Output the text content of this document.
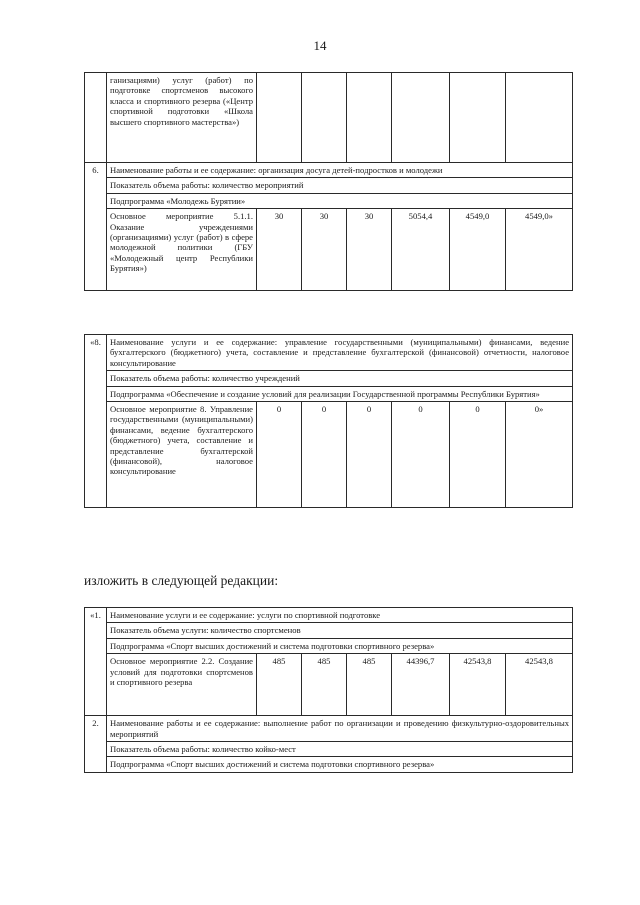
14
	ганизациями) услуг (работ) по подготовке спортсменов высокого класса и спортивного резерва («Центр спортивной подготовки «Школа высшего спортивного мастерства»)						
6.	Наименование работы и ее содержание: организация досуга детей-подростков и молодежи						
	Показатель объема работы: количество мероприятий						
	Подпрограмма «Молодежь Бурятии»						
	Основное мероприятие 5.1.1. Оказание учреждениями (организациями) услуг (работ) в сфере молодежной политики (ГБУ «Молодежный центр Республики Бурятия»)	30	30	30	5054,4	4549,0	4549,0»
«8.	Наименование услуги и ее содержание: управление государственными (муниципальными) финансами, ведение бухгалтерского (бюджетного) учета, составление и представление бухгалтерской (финансовой) отчетности, налоговое консультирование						
	Показатель объема работы: количество учреждений						
	Подпрограмма «Обеспечение и создание условий для реализации Государственной программы Республики Бурятия»						
	Основное мероприятие 8. Управление государственными (муниципальными) финансами, ведение бухгалтерского (бюджетного) учета, составление и представление бухгалтерской (финансовой), налоговое консультирование	0	0	0	0	0	0»
изложить в следующей редакции:
«1.	Наименование услуги и ее содержание: услуги по спортивной подготовке						
	Показатель объема услуги: количество спортсменов						
	Подпрограмма «Спорт высших достижений и система подготовки спортивного резерва»						
	Основное мероприятие 2.2. Создание условий для подготовки спортсменов и спортивного резерва	485	485	485	44396,7	42543,8	42543,8
2.	Наименование работы и ее содержание: выполнение работ по организации и проведению физкультурно-оздоровительных мероприятий						
	Показатель объема работы: количество койко-мест						
	Подпрограмма «Спорт высших достижений и система подготовки спортивного резерва»						
